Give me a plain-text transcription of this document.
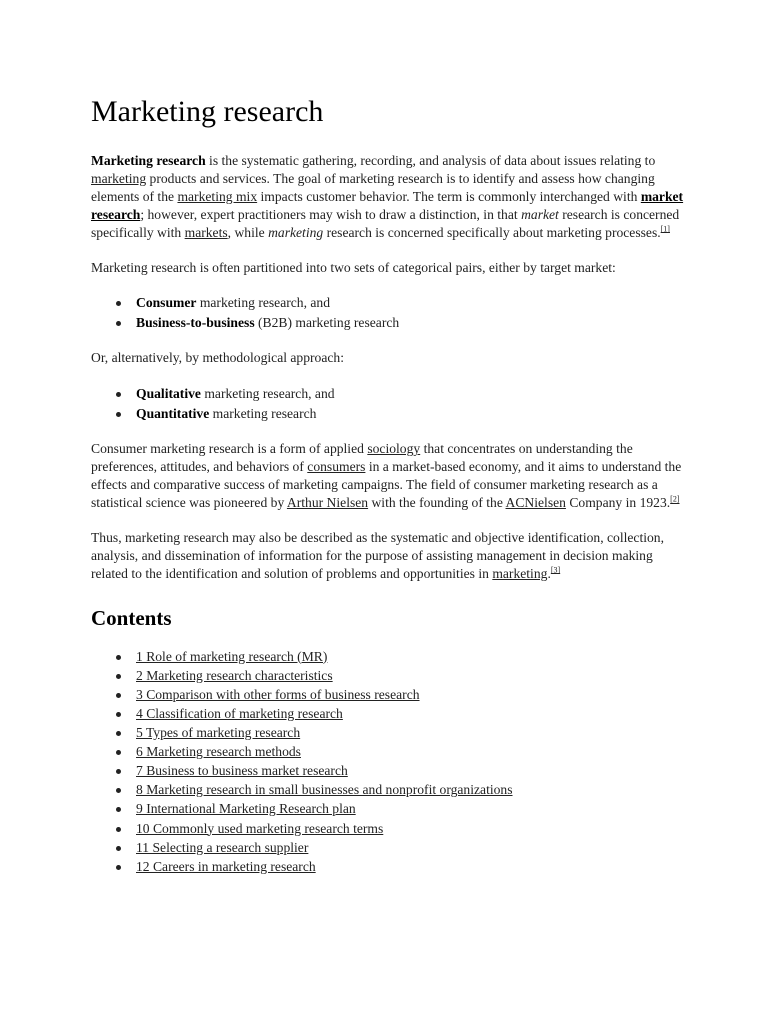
Marketing research

Marketing research is the systematic gathering, recording, and analysis of data about issues relating to marketing products and services. The goal of marketing research is to identify and assess how changing elements of the marketing mix impacts customer behavior. The term is commonly interchanged with market research; however, expert practitioners may wish to draw a distinction, in that market research is concerned specifically with markets, while marketing research is concerned specifically about marketing processes.[1]

Marketing research is often partitioned into two sets of categorical pairs, either by target market:

Consumer marketing research, and
Business-to-business (B2B) marketing research

Or, alternatively, by methodological approach:

Qualitative marketing research, and
Quantitative marketing research

Consumer marketing research is a form of applied sociology that concentrates on understanding the preferences, attitudes, and behaviors of consumers in a market-based economy, and it aims to understand the effects and comparative success of marketing campaigns. The field of consumer marketing research as a statistical science was pioneered by Arthur Nielsen with the founding of the ACNielsen Company in 1923.[2]

Thus, marketing research may also be described as the systematic and objective identification, collection, analysis, and dissemination of information for the purpose of assisting management in decision making related to the identification and solution of problems and opportunities in marketing.[3]

Contents
1 Role of marketing research (MR)
2 Marketing research characteristics
3 Comparison with other forms of business research
4 Classification of marketing research
5 Types of marketing research
6 Marketing research methods
7 Business to business market research
8 Marketing research in small businesses and nonprofit organizations
9 International Marketing Research plan
10 Commonly used marketing research terms
11 Selecting a research supplier
12 Careers in marketing research
